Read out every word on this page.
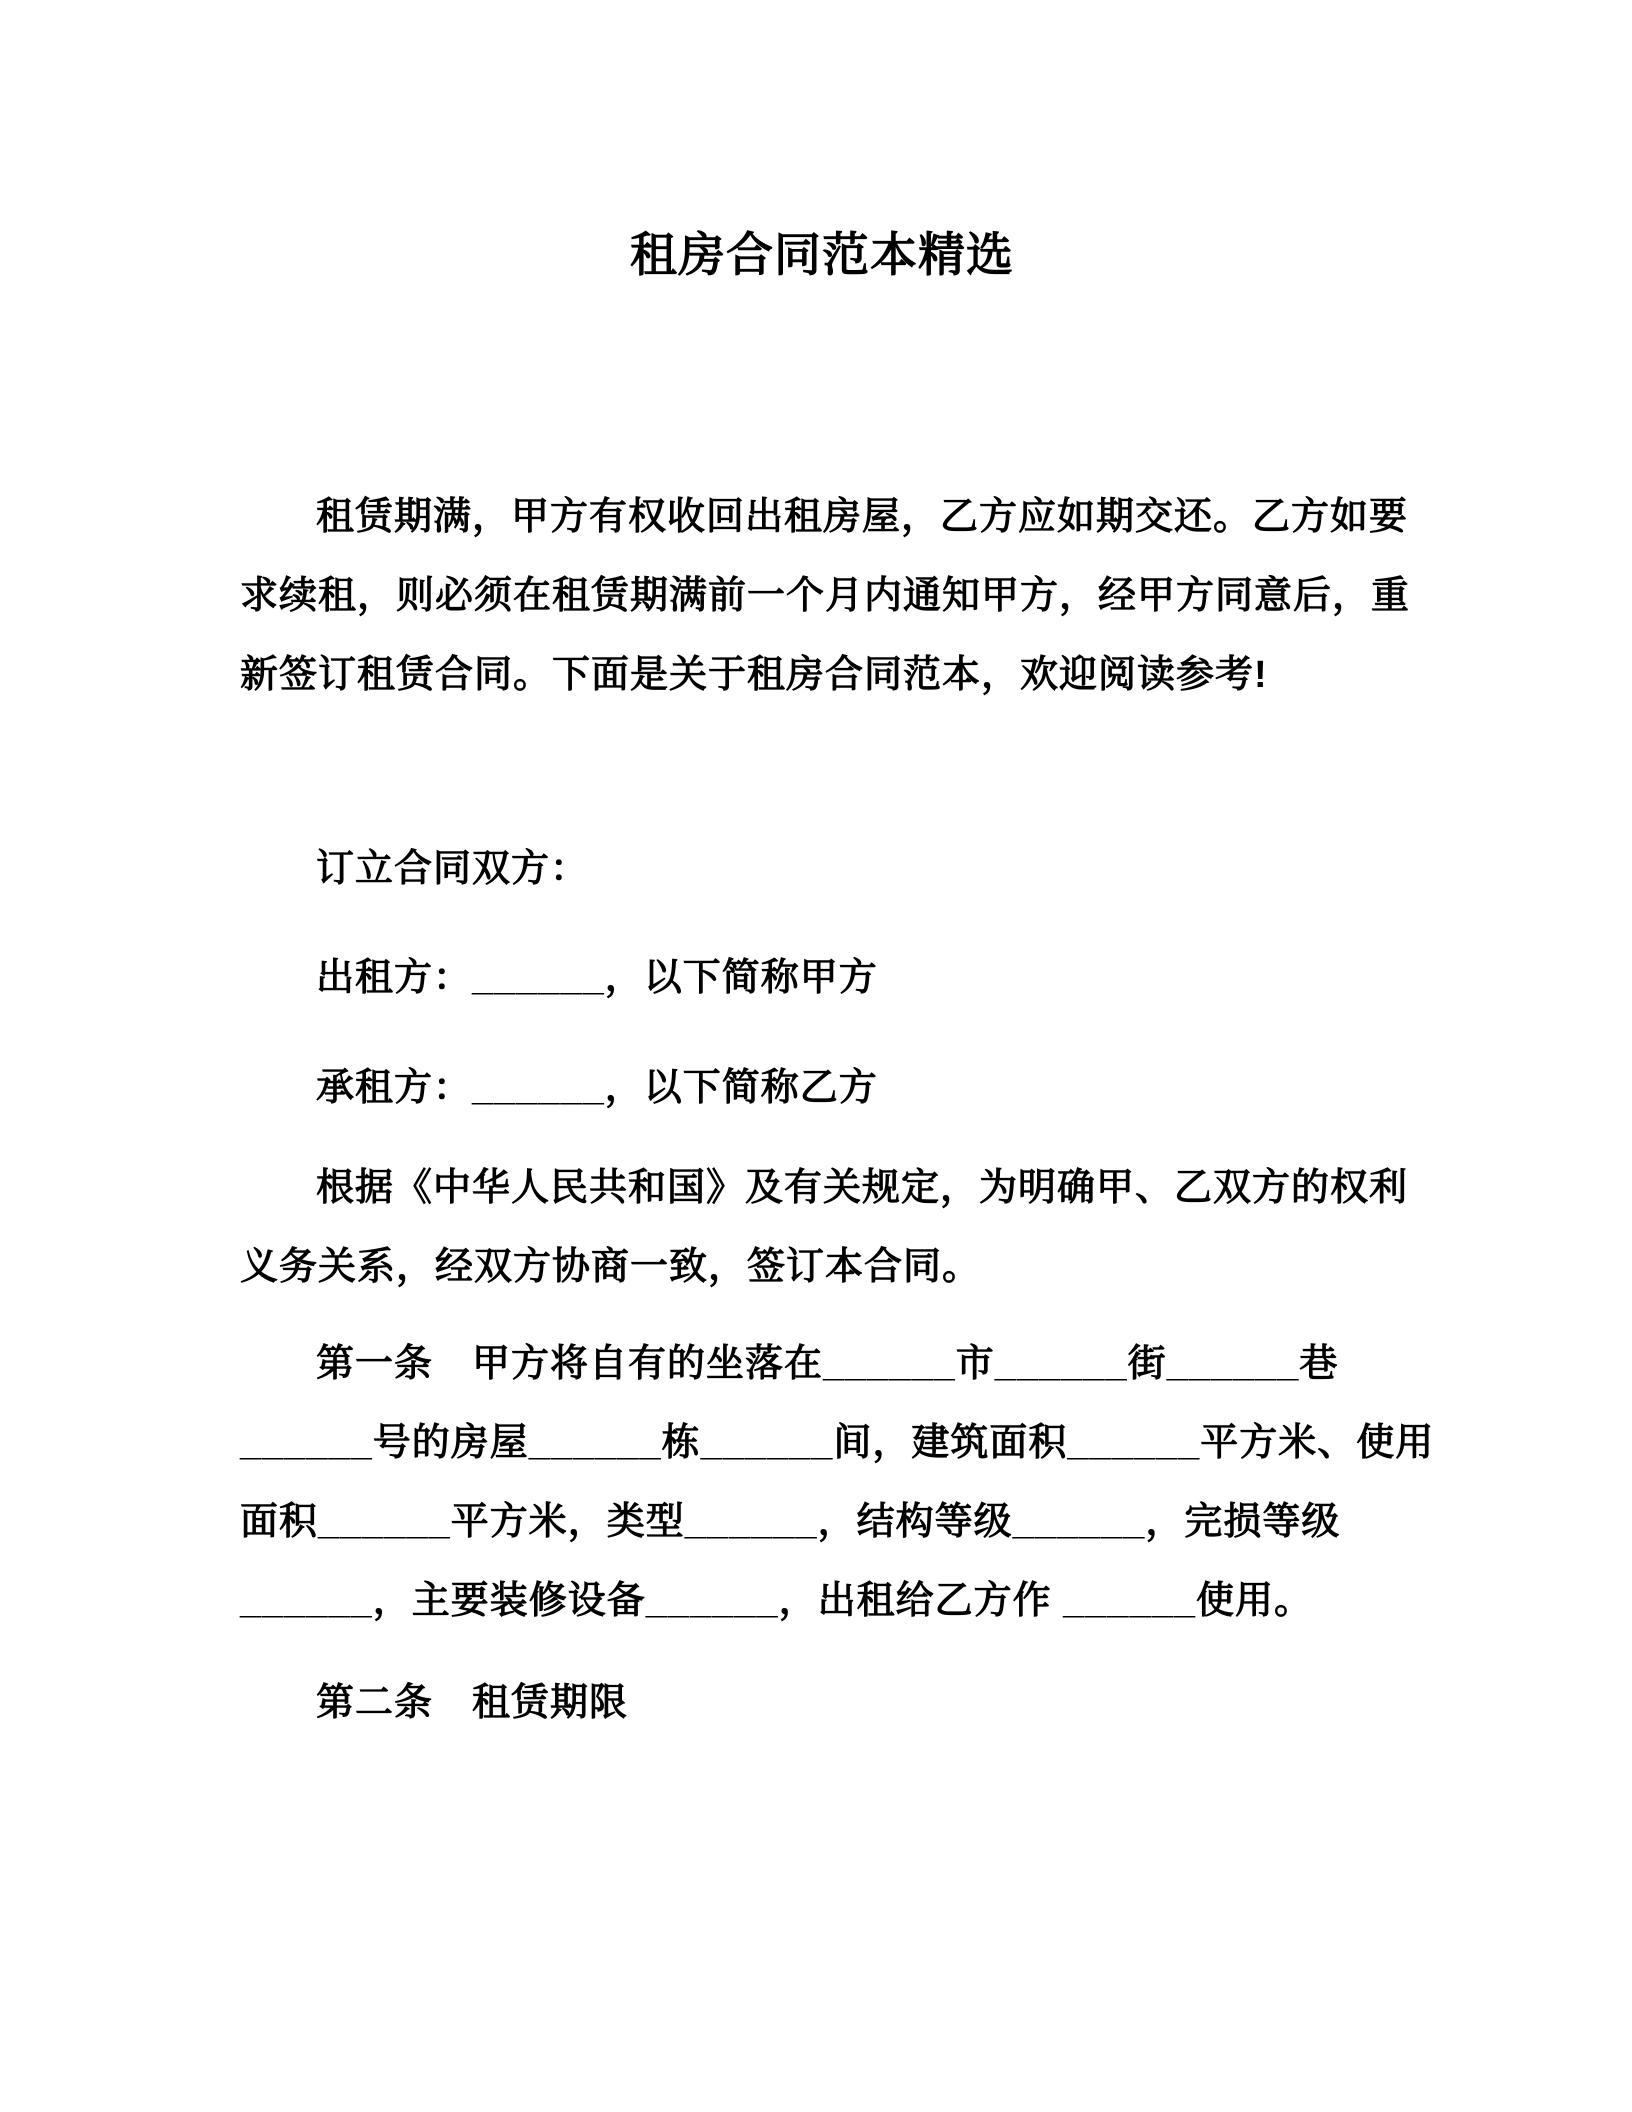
租房合同范本精选
租赁期满，甲方有权收回出租房屋，乙方应如期交还。乙方如要
求续租，则必须在租赁期满前一个月内通知甲方，经甲方同意后，重
新签订租赁合同。下面是关于租房合同范本，欢迎阅读参考!
订立合同双方：
出租方：______，以下简称甲方
承租方：______，以下简称乙方
根据《中华人民共和国》及有关规定，为明确甲、乙双方的权利
义务关系，经双方协商一致，签订本合同。
第一条　甲方将自有的坐落在______市______街______巷
______号的房屋______栋______间，建筑面积______平方米、使用
面积______平方米，类型______，结构等级______，完损等级
______，主要装修设备______，出租给乙方作 ______使用。
第二条　租赁期限
